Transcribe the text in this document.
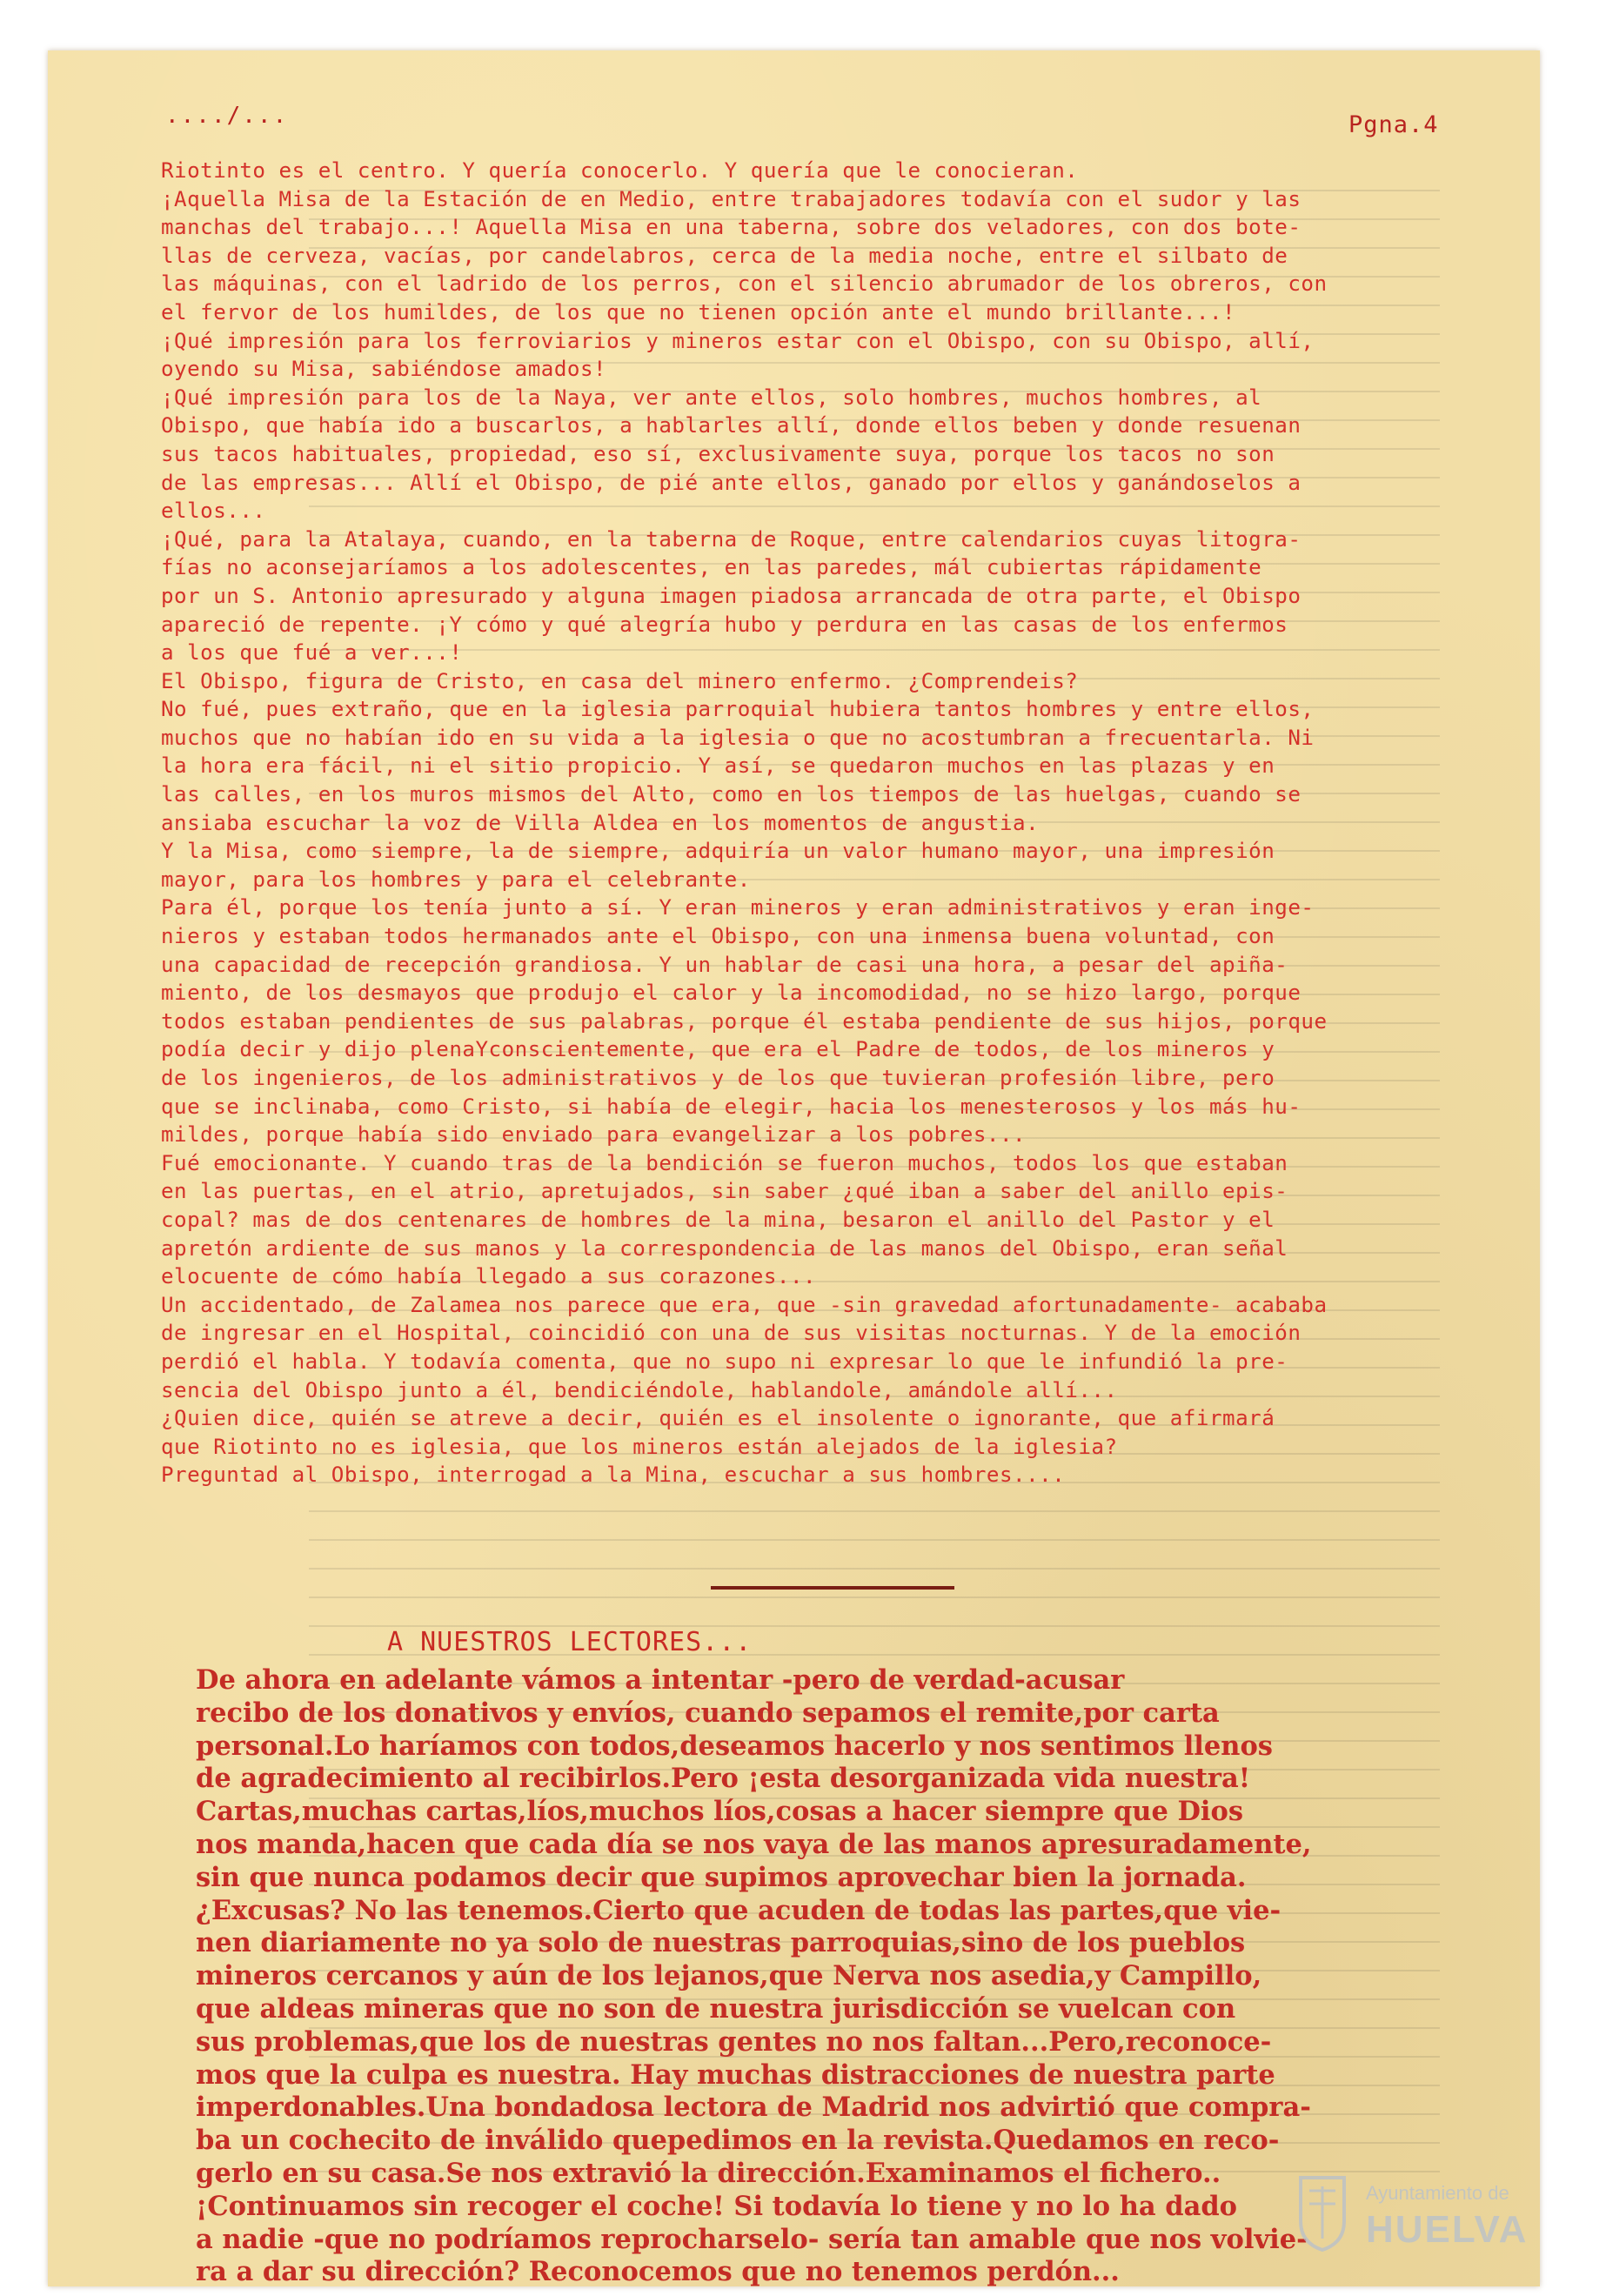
..../...	Pgna.4
Riotinto es el centro. Y quería conocerlo. Y quería que le conocieran.
¡Aquella Misa de la Estación de en Medio, entre trabajadores todavía con el sudor y las
manchas del trabajo...! Aquella Misa en una taberna, sobre dos veladores, con dos bote-
llas de cerveza, vacías, por candelabros, cerca de la media noche, entre el silbato de
las máquinas, con el ladrido de los perros, con el silencio abrumador de los obreros, con
el fervor de los humildes, de los que no tienen opción ante el mundo brillante...!
¡Qué impresión para los ferroviarios y mineros estar con el Obispo, con su Obispo, allí,
oyendo su Misa, sabiéndose amados!
¡Qué impresión para los de la Naya, ver ante ellos, solo hombres, muchos hombres, al
Obispo, que había ido a buscarlos, a hablarles allí, donde ellos beben y donde resuenan
sus tacos habituales, propiedad, eso sí, exclusivamente suya, porque los tacos no son
de las empresas... Allí el Obispo, de pié ante ellos, ganado por ellos y ganándoselos a
ellos...
¡Qué, para la Atalaya, cuando, en la taberna de Roque, entre calendarios cuyas litogra-
fías no aconsejaríamos a los adolescentes, en las paredes, mál cubiertas rápidamente
por un S. Antonio apresurado y alguna imagen piadosa arrancada de otra parte, el Obispo
apareció de repente. ¡Y cómo y qué alegría hubo y perdura en las casas de los enfermos
a los que fué a ver...!
El Obispo, figura de Cristo, en casa del minero enfermo. ¿Comprendeis?
No fué, pues extraño, que en la iglesia parroquial hubiera tantos hombres y entre ellos,
muchos que no habían ido en su vida a la iglesia o que no acostumbran a frecuentarla. Ni
la hora era fácil, ni el sitio propicio. Y así, se quedaron muchos en las plazas y en
las calles, en los muros mismos del Alto, como en los tiempos de las huelgas, cuando se
ansiaba escuchar la voz de Villa Aldea en los momentos de angustia.
Y la Misa, como siempre, la de siempre, adquiría un valor humano mayor, una impresión
mayor, para los hombres y para el celebrante.
Para él, porque los tenía junto a sí. Y eran mineros y eran administrativos y eran inge-
nieros y estaban todos hermanados ante el Obispo, con una inmensa buena voluntad, con
una capacidad de recepción grandiosa. Y un hablar de casi una hora, a pesar del apiña-
miento, de los desmayos que produjo el calor y la incomodidad, no se hizo largo, porque
todos estaban pendientes de sus palabras, porque él estaba pendiente de sus hijos, porque
podía decir y dijo plenaYconscientemente, que era el Padre de todos, de los mineros y
de los ingenieros, de los administrativos y de los que tuvieran profesión libre, pero
que se inclinaba, como Cristo, si había de elegir, hacia los menesterosos y los más hu-
mildes, porque había sido enviado para evangelizar a los pobres...
Fué emocionante. Y cuando tras de la bendición se fueron muchos, todos los que estaban
en las puertas, en el atrio, apretujados, sin saber ¿qué iban a saber del anillo epis-
copal? mas de dos centenares de hombres de la mina, besaron el anillo del Pastor y el
apretón ardiente de sus manos y la correspondencia de las manos del Obispo, eran señal
elocuente de cómo había llegado a sus corazones...
Un accidentado, de Zalamea nos parece que era, que -sin gravedad afortunadamente- acababa
de ingresar en el Hospital, coincidió con una de sus visitas nocturnas. Y de la emoción
perdió el habla. Y todavía comenta, que no supo ni expresar lo que le infundió la pre-
sencia del Obispo junto a él, bendiciéndole, hablandole, amándole allí...
¿Quien dice, quién se atreve a decir, quién es el insolente o ignorante, que afirmará
que Riotinto no es iglesia, que los mineros están alejados de la iglesia?
Preguntad al Obispo, interrogad a la Mina, escuchar a sus hombres....
A NUESTROS LECTORES...
De ahora en adelante vámos a intentar -pero de verdad-acusar
recibo de los donativos y envíos, cuando sepamos el remite,por carta
personal.Lo haríamos con todos,deseamos hacerlo y nos sentimos llenos
de agradecimiento al recibirlos.Pero ¡esta desorganizada vida nuestra!
Cartas,muchas cartas,líos,muchos líos,cosas a hacer siempre que Dios
nos manda,hacen que cada día se nos vaya de las manos apresuradamente,
sin que nunca podamos decir que supimos aprovechar bien la jornada.
¿Excusas? No las tenemos.Cierto que acuden de todas las partes,que vie-
nen diariamente no ya solo de nuestras parroquias,sino de los pueblos
mineros cercanos y aún de los lejanos,que Nerva nos asedia,y Campillo,
que aldeas mineras que no son de nuestra jurisdicción se vuelcan con
sus problemas,que los de nuestras gentes no nos faltan...Pero,reconoce-
mos que la culpa es nuestra. Hay muchas distracciones de nuestra parte
imperdonables.Una bondadosa lectora de Madrid nos advirtió que compra-
ba un cochecito de inválido quepedimos en la revista.Quedamos en reco-
gerlo en su casa.Se nos extravió la dirección.Examinamos el fichero..
¡Continuamos sin recoger el coche! Si todavía lo tiene y no lo ha dado
a nadie -que no podríamos reprocharselo- sería tan amable que nos volvie-
ra a dar su dirección? Reconocemos que no tenemos perdón...
Ayuntamiento de
HUELVA
